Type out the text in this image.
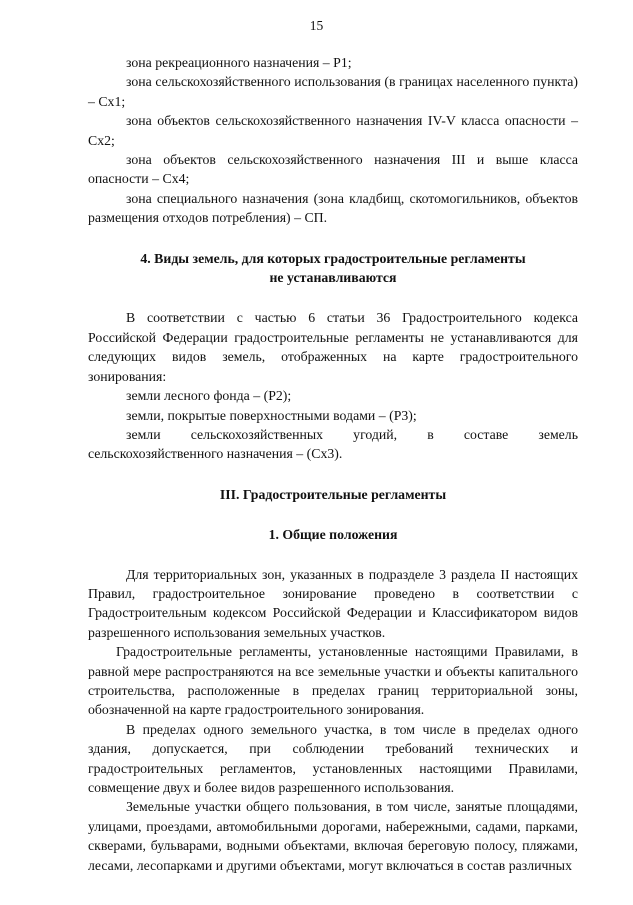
15

зона рекреационного назначения – Р1;

зона сельскохозяйственного использования (в границах населенного пункта) – Сх1;

зона объектов сельскохозяйственного назначения IV-V класса опасности – Сх2;

зона объектов сельскохозяйственного назначения III и выше класса опасности – Сх4;

зона специального назначения (зона кладбищ, скотомогильников, объектов размещения отходов потребления) – СП.

4. Виды земель, для которых градостроительные регламенты
не устанавливаются

В соответствии с частью 6 статьи 36 Градостроительного кодекса Российской Федерации градостроительные регламенты не устанавливаются для следующих видов земель, отображенных на карте градостроительного зонирования:

земли лесного фонда – (Р2);

земли, покрытые поверхностными водами – (Р3);

земли сельскохозяйственных угодий, в составе земель сельскохозяйственного назначения – (Сх3).

III. Градостроительные регламенты
1. Общие положения

Для территориальных зон, указанных в подразделе 3 раздела II настоящих Правил, градостроительное зонирование проведено в соответствии с Градостроительным кодексом Российской Федерации и Классификатором видов разрешенного использования земельных участков.

Градостроительные регламенты, установленные настоящими Правилами, в равной мере распространяются на все земельные участки и объекты капитального строительства, расположенные в пределах границ территориальной зоны, обозначенной на карте градостроительного зонирования.

В пределах одного земельного участка, в том числе в пределах одного здания, допускается, при соблюдении требований технических и градостроительных регламентов, установленных настоящими Правилами, совмещение двух и более видов разрешенного использования.

Земельные участки общего пользования, в том числе, занятые площадями, улицами, проездами, автомобильными дорогами, набережными, садами, парками, скверами, бульварами, водными объектами, включая береговую полосу, пляжами, лесами, лесопарками и другими объектами, могут включаться в состав различных
